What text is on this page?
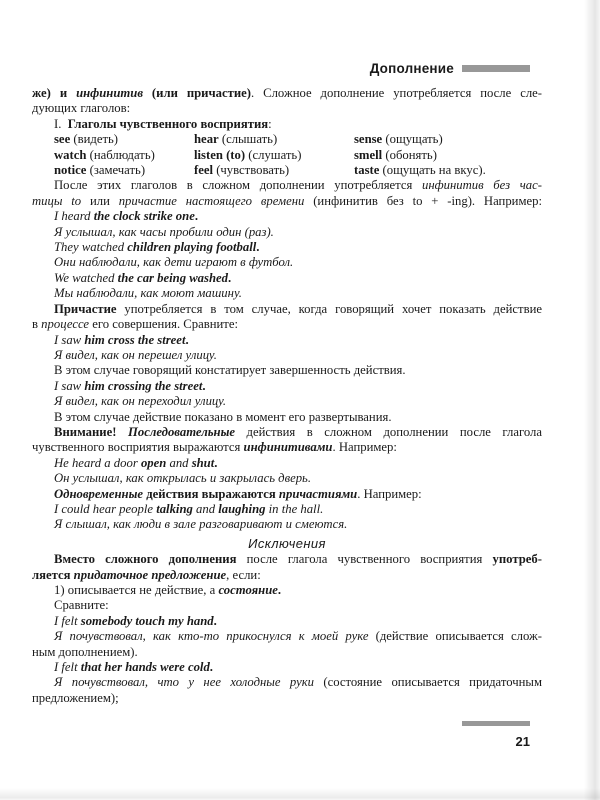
Дополнение
же) и инфинитив (или причастие). Сложное дополнение употребляется после сле-
дующих глаголов:
I.  Глаголы чувственного восприятия:
see (видеть)	hear (слышать)	sense (ощущать)
watch (наблюдать)	listen (to) (слушать)	smell (обонять)
notice (замечать)	feel (чувствовать)	taste (ощущать на вкус).
После этих глаголов в сложном дополнении употребляется инфинитив без час-
тицы to или причастие настоящего времени (инфинитив без to + -ing). Например:
I heard the clock strike one.
Я услышал, как часы пробили один (раз).
They watched children playing football.
Они наблюдали, как дети играют в футбол.
We watched the car being washed.
Мы наблюдали, как моют машину.
Причастие употребляется в том случае, когда говорящий хочет показать действие
в процессе его совершения. Сравните:
I saw him cross the street.
Я видел, как он перешел улицу.
В этом случае говорящий констатирует завершенность действия.
I saw him crossing the street.
Я видел, как он переходил улицу.
В этом случае действие показано в момент его развертывания.
Внимание! Последовательные действия в сложном дополнении после глагола
чувственного восприятия выражаются инфинитивами. Например:
He heard a door open and shut.
Он услышал, как открылась и закрылась дверь.
Одновременные действия выражаются причастиями. Например:
I could hear people talking and laughing in the hall.
Я слышал, как люди в зале разговаривают и смеются.
Исключения
Вместо сложного дополнения после глагола чувственного восприятия употреб-
ляется придаточное предложение, если:
1) описывается не действие, а состояние.
Сравните:
I felt somebody touch my hand.
Я почувствовал, как кто-то прикоснулся к моей руке (действие описывается слож-
ным дополнением).
I felt that her hands were cold.
Я почувствовал, что у нее холодные руки (состояние описывается придаточным
предложением);
21
